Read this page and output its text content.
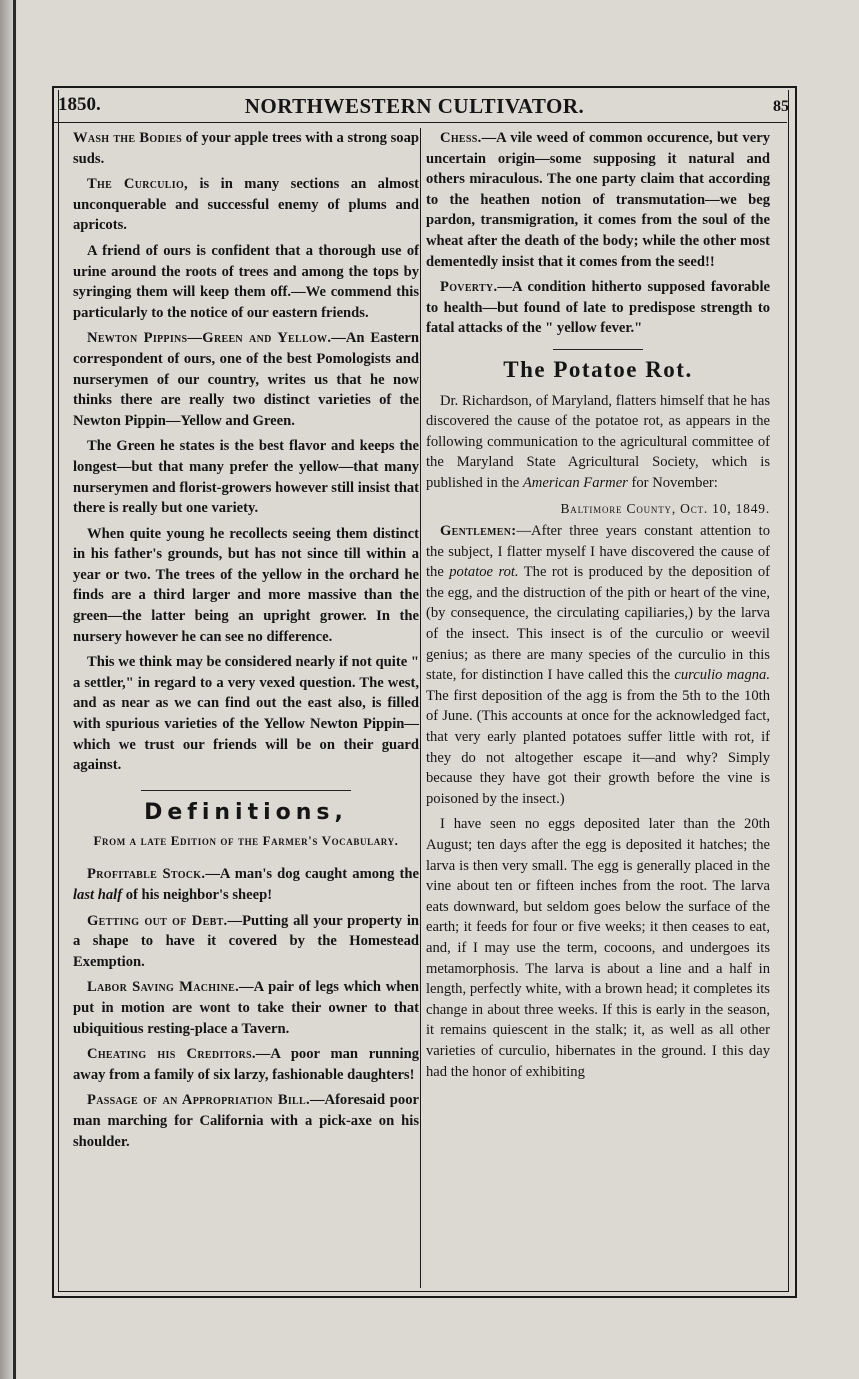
1850.	NORTHWESTERN CULTIVATOR.	85

Wash the Bodies of your apple trees with a strong soap suds.

The Curculio, is in many sections an almost unconquerable and successful enemy of plums and apricots.

A friend of ours is confident that a thorough use of urine around the roots of trees and among the tops by syringing them will keep them off.—We commend this particularly to the notice of our eastern friends.

Newton Pippins—Green and Yellow.—An Eastern correspondent of ours, one of the best Pomologists and nurserymen of our country, writes us that he now thinks there are really two distinct varieties of the Newton Pippin—Yellow and Green.

The Green he states is the best flavor and keeps the longest—but that many prefer the yellow—that many nurserymen and florist-growers however still insist that there is really but one variety.

When quite young he recollects seeing them distinct in his father's grounds, but has not since till within a year or two. The trees of the yellow in the orchard he finds are a third larger and more massive than the green—the latter being an upright grower. In the nursery however he can see no difference.

This we think may be considered nearly if not quite " a settler," in regard to a very vexed question. The west, and as near as we can find out the east also, is filled with spurious varieties of the Yellow Newton Pippin—which we trust our friends will be on their guard against.

Definitions,
From a late Edition of the Farmer's Vocabulary.

Profitable Stock.—A man's dog caught among the last half of his neighbor's sheep!

Getting out of Debt.—Putting all your property in a shape to have it covered by the Homestead Exemption.

Labor Saving Machine.—A pair of legs which when put in motion are wont to take their owner to that ubiquitious resting-place a Tavern.

Cheating his Creditors.—A poor man running away from a family of six larzy, fashionable daughters!

Passage of an Appropriation Bill.—Aforesaid poor man marching for California with a pick-axe on his shoulder.

Chess.—A vile weed of common occurence, but very uncertain origin—some supposing it natural and others miraculous. The one party claim that according to the heathen notion of transmutation—we beg pardon, transmigration, it comes from the soul of the wheat after the death of the body; while the other most dementedly insist that it comes from the seed!!

Poverty.—A condition hitherto supposed favorable to health—but found of late to predispose strength to fatal attacks of the " yellow fever."

The Potatoe Rot.

Dr. Richardson, of Maryland, flatters himself that he has discovered the cause of the potatoe rot, as appears in the following communication to the agricultural committee of the Maryland State Agricultural Society, which is published in the American Farmer for November:

Baltimore County, Oct. 10, 1849.

Gentlemen:—After three years constant attention to the subject, I flatter myself I have discovered the cause of the potatoe rot. The rot is produced by the deposition of the egg, and the distruction of the pith or heart of the vine, (by consequence, the circulating capiliaries,) by the larva of the insect. This insect is of the curculio or weevil genius; as there are many species of the curculio in this state, for distinction I have called this the curculio magna. The first deposition of the agg is from the 5th to the 10th of June. (This accounts at once for the acknowledged fact, that very early planted potatoes suffer little with rot, if they do not altogether escape it—and why? Simply because they have got their growth before the vine is poisoned by the insect.)

I have seen no eggs deposited later than the 20th August; ten days after the egg is deposited it hatches; the larva is then very small. The egg is generally placed in the vine about ten or fifteen inches from the root. The larva eats downward, but seldom goes below the surface of the earth; it feeds for four or five weeks; it then ceases to eat, and, if I may use the term, cocoons, and undergoes its metamorphosis. The larva is about a line and a half in length, perfectly white, with a brown head; it completes its change in about three weeks. If this is early in the season, it remains quiescent in the stalk; it, as well as all other varieties of curculio, hibernates in the ground. I this day had the honor of exhibiting
